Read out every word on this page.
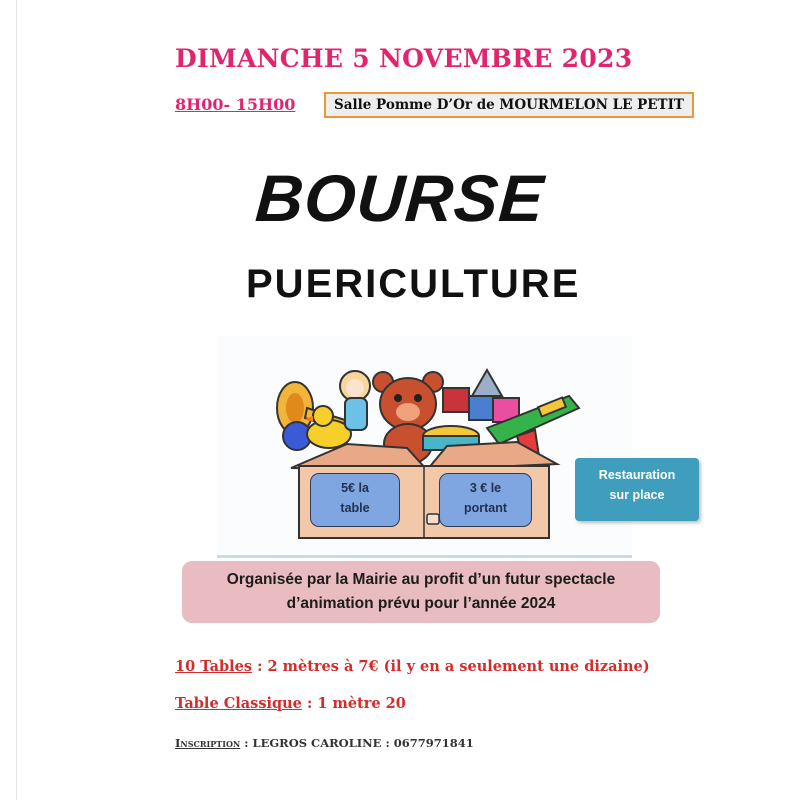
DIMANCHE 5 NOVEMBRE 2023
8H00- 15H00	Salle Pomme D’Or de MOURMELON LE PETIT
BOURSE
PUERICULTURE
5€ la
table
3 € le
portant
Restauration
sur place
Organisée par la Mairie au profit d’un futur spectacle
d’animation prévu pour l’année 2024
10 Tables : 2 mètres à 7€ (il y en a seulement une dizaine)
Table Classique : 1 mètre 20
Inscription : LEGROS CAROLINE : 0677971841
